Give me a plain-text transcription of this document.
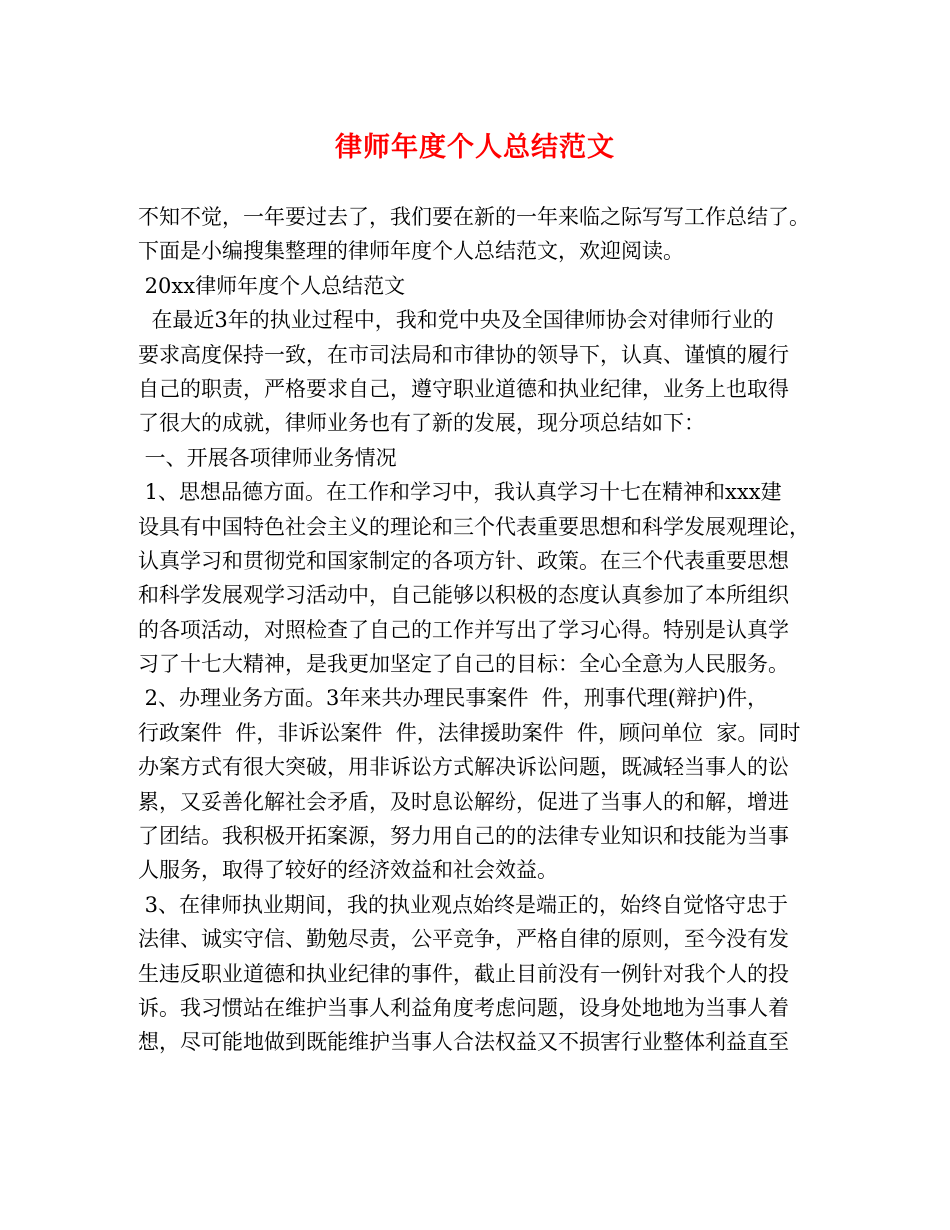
律师年度个人总结范文
不知不觉，一年要过去了，我们要在新的一年来临之际写写工作总结了。
下面是小编搜集整理的律师年度个人总结范文，欢迎阅读。
20xx律师年度个人总结范文
在最近3年的执业过程中，我和党中央及全国律师协会对律师行业的
要求高度保持一致，在市司法局和市律协的领导下，认真、谨慎的履行
自己的职责，严格要求自己，遵守职业道德和执业纪律，业务上也取得
了很大的成就，律师业务也有了新的发展，现分项总结如下：
一、开展各项律师业务情况
1、思想品德方面。在工作和学习中，我认真学习十七在精神和xxx建
设具有中国特色社会主义的理论和三个代表重要思想和科学发展观理论，
认真学习和贯彻党和国家制定的各项方针、政策。在三个代表重要思想
和科学发展观学习活动中，自己能够以积极的态度认真参加了本所组织
的各项活动，对照检查了自己的工作并写出了学习心得。特别是认真学
习了十七大精神，是我更加坚定了自己的目标：全心全意为人民服务。
2、办理业务方面。3年来共办理民事案件  件，刑事代理(辩护)件，
行政案件  件，非诉讼案件  件，法律援助案件  件，顾问单位  家。同时
办案方式有很大突破，用非诉讼方式解决诉讼问题，既减轻当事人的讼
累，又妥善化解社会矛盾，及时息讼解纷，促进了当事人的和解，增进
了团结。我积极开拓案源，努力用自己的的法律专业知识和技能为当事
人服务，取得了较好的经济效益和社会效益。
3、在律师执业期间，我的执业观点始终是端正的，始终自觉恪守忠于
法律、诚实守信、勤勉尽责，公平竞争，严格自律的原则，至今没有发
生违反职业道德和执业纪律的事件，截止目前没有一例针对我个人的投
诉。我习惯站在维护当事人利益角度考虑问题，设身处地地为当事人着
想，尽可能地做到既能维护当事人合法权益又不损害行业整体利益直至
